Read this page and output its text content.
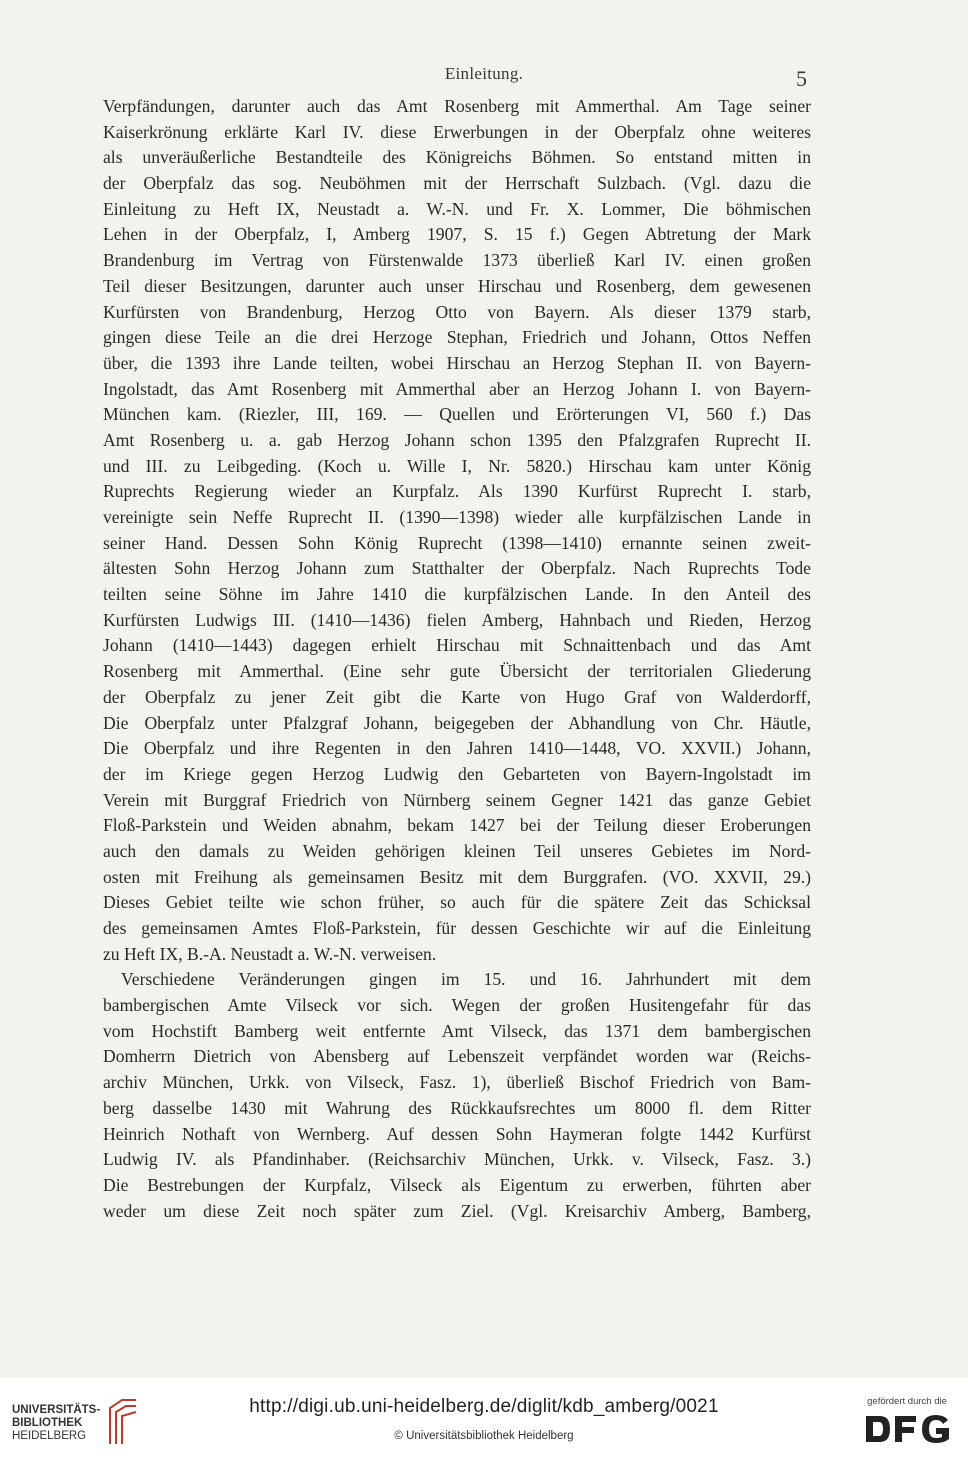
Einleitung.	5
Verpfändungen, darunter auch das Amt Rosenberg mit Ammerthal. Am Tage seiner
Kaiserkrönung erklärte Karl IV. diese Erwerbungen in der Oberpfalz ohne weiteres
als unveräußerliche Bestandteile des Königreichs Böhmen. So entstand mitten in
der Oberpfalz das sog. Neuböhmen mit der Herrschaft Sulzbach. (Vgl. dazu die
Einleitung zu Heft IX, Neustadt a. W.-N. und Fr. X. Lommer, Die böhmischen
Lehen in der Oberpfalz, I, Amberg 1907, S. 15 f.) Gegen Abtretung der Mark
Brandenburg im Vertrag von Fürstenwalde 1373 überließ Karl IV. einen großen
Teil dieser Besitzungen, darunter auch unser Hirschau und Rosenberg, dem gewesenen
Kurfürsten von Brandenburg, Herzog Otto von Bayern. Als dieser 1379 starb,
gingen diese Teile an die drei Herzoge Stephan, Friedrich und Johann, Ottos Neffen
über, die 1393 ihre Lande teilten, wobei Hirschau an Herzog Stephan II. von Bayern-
Ingolstadt, das Amt Rosenberg mit Ammerthal aber an Herzog Johann I. von Bayern-
München kam. (Riezler, III, 169. — Quellen und Erörterungen VI, 560 f.) Das
Amt Rosenberg u. a. gab Herzog Johann schon 1395 den Pfalzgrafen Ruprecht II.
und III. zu Leibgeding. (Koch u. Wille I, Nr. 5820.) Hirschau kam unter König
Ruprechts Regierung wieder an Kurpfalz. Als 1390 Kurfürst Ruprecht I. starb,
vereinigte sein Neffe Ruprecht II. (1390—1398) wieder alle kurpfälzischen Lande in
seiner Hand. Dessen Sohn König Ruprecht (1398—1410) ernannte seinen zweit-
ältesten Sohn Herzog Johann zum Statthalter der Oberpfalz. Nach Ruprechts Tode
teilten seine Söhne im Jahre 1410 die kurpfälzischen Lande. In den Anteil des
Kurfürsten Ludwigs III. (1410—1436) fielen Amberg, Hahnbach und Rieden, Herzog
Johann (1410—1443) dagegen erhielt Hirschau mit Schnaittenbach und das Amt
Rosenberg mit Ammerthal. (Eine sehr gute Übersicht der territorialen Gliederung
der Oberpfalz zu jener Zeit gibt die Karte von Hugo Graf von Walderdorff,
Die Oberpfalz unter Pfalzgraf Johann, beigegeben der Abhandlung von Chr. Häutle,
Die Oberpfalz und ihre Regenten in den Jahren 1410—1448, VO. XXVII.) Johann,
der im Kriege gegen Herzog Ludwig den Gebarteten von Bayern-Ingolstadt im
Verein mit Burggraf Friedrich von Nürnberg seinem Gegner 1421 das ganze Gebiet
Floß-Parkstein und Weiden abnahm, bekam 1427 bei der Teilung dieser Eroberungen
auch den damals zu Weiden gehörigen kleinen Teil unseres Gebietes im Nord-
osten mit Freihung als gemeinsamen Besitz mit dem Burggrafen. (VO. XXVII, 29.)
Dieses Gebiet teilte wie schon früher, so auch für die spätere Zeit das Schicksal
des gemeinsamen Amtes Floß-Parkstein, für dessen Geschichte wir auf die Einleitung
zu Heft IX, B.-A. Neustadt a. W.-N. verweisen.
Verschiedene Veränderungen gingen im 15. und 16. Jahrhundert mit dem
bambergischen Amte Vilseck vor sich. Wegen der großen Husitengefahr für das
vom Hochstift Bamberg weit entfernte Amt Vilseck, das 1371 dem bambergischen
Domherrn Dietrich von Abensberg auf Lebenszeit verpfändet worden war (Reichs-
archiv München, Urkk. von Vilseck, Fasz. 1), überließ Bischof Friedrich von Bam-
berg dasselbe 1430 mit Wahrung des Rückkaufsrechtes um 8000 fl. dem Ritter
Heinrich Nothaft von Wernberg. Auf dessen Sohn Haymeran folgte 1442 Kurfürst
Ludwig IV. als Pfandinhaber. (Reichsarchiv München, Urkk. v. Vilseck, Fasz. 3.)
Die Bestrebungen der Kurpfalz, Vilseck als Eigentum zu erwerben, führten aber
weder um diese Zeit noch später zum Ziel. (Vgl. Kreisarchiv Amberg, Bamberg,
UNIVERSITÄTS-
BIBLIOTHEK
HEIDELBERG
http://digi.ub.uni-heidelberg.de/diglit/kdb_amberg/0021
© Universitätsbibliothek Heidelberg
gefördert durch die
